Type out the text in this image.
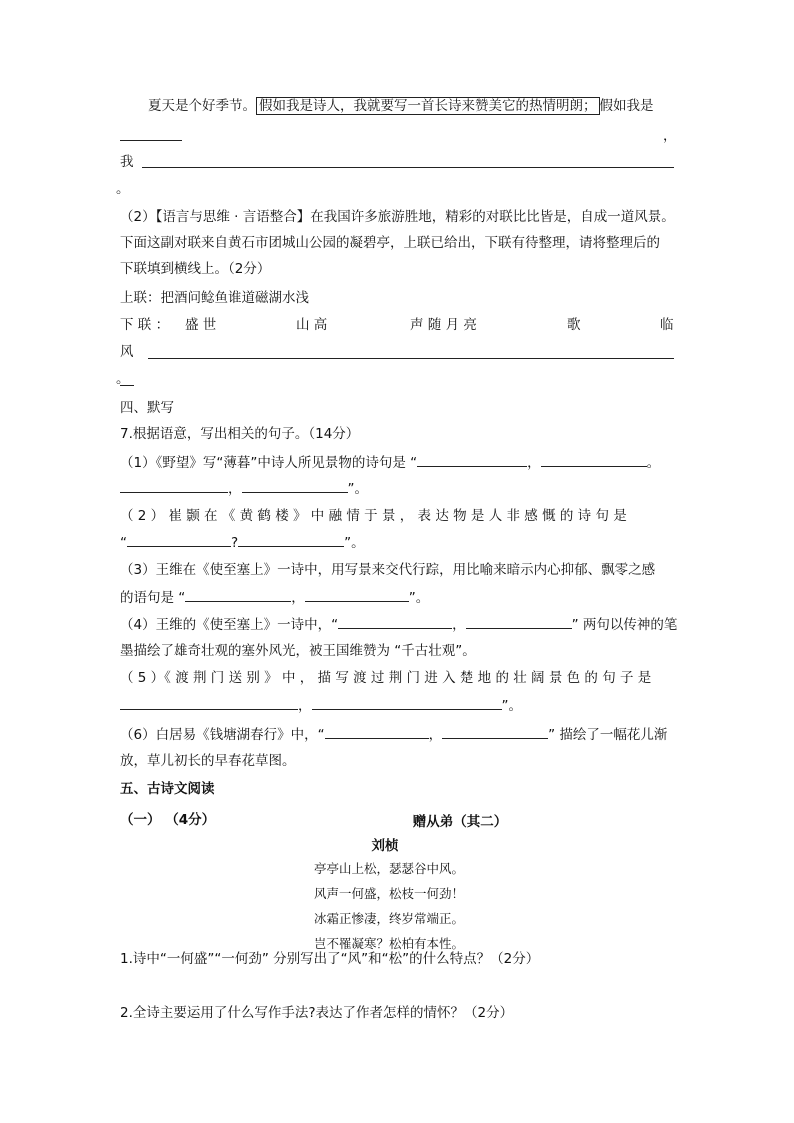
夏天是个好季节。 假如我是诗人，我就要写一首长诗来赞美它的热情明朗； 假如我是
，
我
。
（2）【语言与思维 · 言语整合】在我国许多旅游胜地，精彩的对联比比皆是，自成一道风景。
下面这副对联来自黄石市团城山公园的凝碧亭，上联已给出，下联有待整理，请将整理后的
下联填到横线上。（2分）
上联：把酒问鲶鱼谁道磁湖水浅
下 联 ： 盛 世	山 高	声 随 月 亮	歌	临
风
。
四、默写
7.根据语意，写出相关的句子。（14分）
（1）《野望》写“薄暮”中诗人所见景物的诗句是 “	，	。
，	”。
（ 2 ） 崔 颢 在 《 黄 鹤 楼 》 中 融 情 于 景 ， 表 达 物 是 人 非 感 慨 的 诗 句 是
“	?	”。
（3）王维在《使至塞上》一诗中，用写景来交代行踪，用比喻来暗示内心抑郁、飘零之感
的语句是 “	，	”。
（4）王维的《使至塞上》一诗中，“	，	” 两句以传神的笔
墨描绘了雄奇壮观的塞外风光，被王国维赞为 “千古壮观”。
（ 5 ）《 渡 荆 门 送 别 》 中 ， 描 写 渡 过 荆 门 进 入 楚 地 的 壮 阔 景 色 的 句 子 是
，	”。
（6）白居易《钱塘湖春行》中，“	，	” 描绘了一幅花儿渐
放，草儿初长的早春花草图。
五、古诗文阅读
（一） （4分）	赠从弟（其二）
刘桢
亭亭山上松，瑟瑟谷中风。
风声一何盛，松枝一何劲！
冰霜正惨凄，终岁常端正。
岂不罹凝寒？松柏有本性。
1.诗中“一何盛”“一何劲” 分别写出了“风”和“松”的什么特点？（2分）
2.全诗主要运用了什么写作手法?表达了作者怎样的情怀？（2分）
